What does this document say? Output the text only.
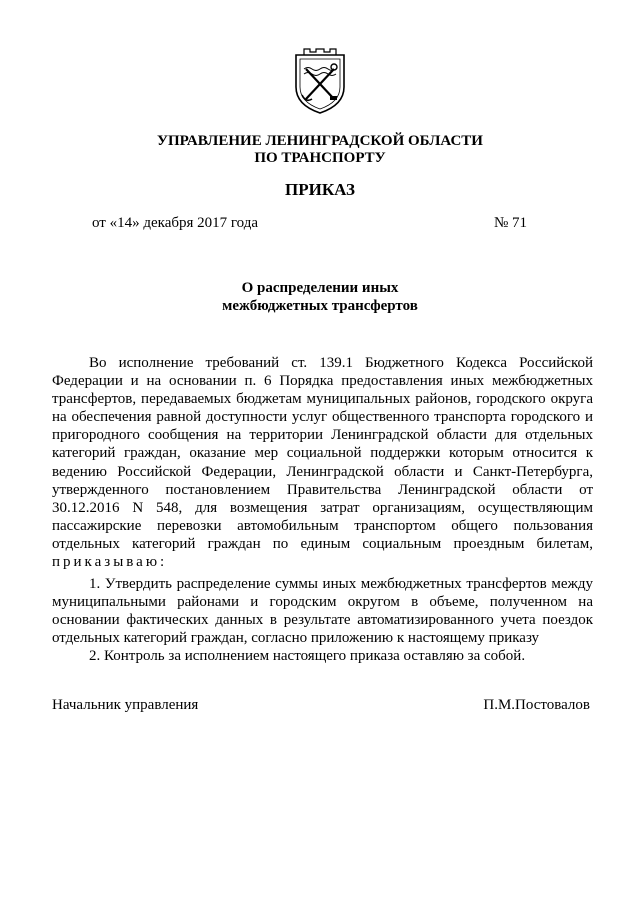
УПРАВЛЕНИЕ ЛЕНИНГРАДСКОЙ ОБЛАСТИ
ПО ТРАНСПОРТУ
ПРИКАЗ
от «14» декабря 2017 года	№ 71
О распределении иных
межбюджетных трансфертов

Во исполнение требований ст. 139.1 Бюджетного Кодекса Российской Федерации и на основании п. 6 Порядка предоставления иных межбюджетных трансфертов, передаваемых бюджетам муниципальных районов, городского округа на обеспечения равной доступности услуг общественного транспорта городского и пригородного сообщения на территории Ленинградской области для отдельных категорий граждан, оказание мер социальной поддержки которым относится к ведению Российской Федерации, Ленинградской области и Санкт-Петербурга, утвержденного постановлением Правительства Ленинградской области от 30.12.2016 N 548, для возмещения затрат организациям, осуществляющим пассажирские перевозки автомобильным транспортом общего пользования отдельных категорий граждан по единым социальным проездным билетам, приказываю:

1. Утвердить распределение суммы иных межбюджетных трансфертов между муниципальными районами и городским округом в объеме, полученном на основании фактических данных в результате автоматизированного учета поездок отдельных категорий граждан, согласно приложению к настоящему приказу

2. Контроль за исполнением настоящего приказа оставляю за собой.

Начальник управления	П.М.Постовалов
